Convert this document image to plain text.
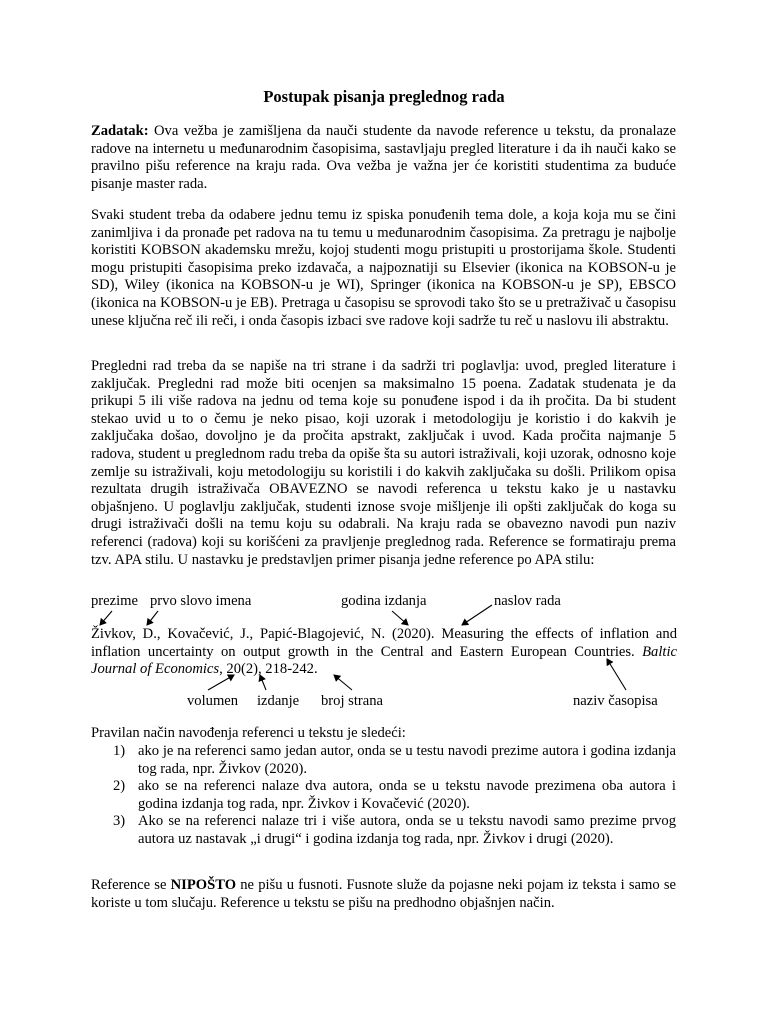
Postupak pisanja preglednog rada

Zadatak: Ova vežba je zamišljena da nauči studente da navode reference u tekstu, da pronalaze radove na internetu u međunarodnim časopisima, sastavljaju pregled literature i da ih nauči kako se pravilno pišu reference na kraju rada. Ova vežba je važna jer će koristiti studentima za buduće pisanje master rada.

Svaki student treba da odabere jednu temu iz spiska ponuđenih tema dole, a koja koja mu se čini zanimljiva i da pronađe pet radova na tu temu u međunarodnim časopisima. Za pretragu je najbolje koristiti KOBSON akademsku mrežu, kojoj studenti mogu pristupiti u prostorijama škole. Studenti mogu pristupiti časopisima preko izdavača, a najpoznatiji su Elsevier (ikonica na KOBSON-u je SD), Wiley (ikonica na KOBSON-u je WI), Springer (ikonica na KOBSON-u je SP), EBSCO (ikonica na KOBSON-u je EB). Pretraga u časopisu se sprovodi tako što se u pretraživač u časopisu unese ključna reč ili reči, i onda časopis izbaci sve radove koji sadrže tu reč u naslovu ili abstraktu.

Pregledni rad treba da se napiše na tri strane i da sadrži tri poglavlja: uvod, pregled literature i zaključak. Pregledni rad može biti ocenjen sa maksimalno 15 poena. Zadatak studenata je da prikupi 5 ili više radova na jednu od tema koje su ponuđene ispod i da ih pročita. Da bi student stekao uvid u to o čemu je neko pisao, koji uzorak i metodologiju je koristio i do kakvih je zaključaka došao, dovoljno je da pročita apstrakt, zaključak i uvod. Kada pročita najmanje 5 radova, student u preglednom radu treba da opiše šta su autori istraživali, koji uzorak, odnosno koje zemlje su istraživali, koju metodologiju su koristili i do kakvih zaključaka su došli. Prilikom opisa rezultata drugih istraživača OBAVEZNO se navodi referenca u tekstu kako je u nastavku objašnjeno. U poglavlju zaključak, studenti iznose svoje mišljenje ili opšti zaključak do koga su drugi istraživači došli na temu koju su odabrali. Na kraju rada se obavezno navodi pun naziv referenci (radova) koji su korišćeni za pravljenje preglednog rada. Reference se formatiraju prema tzv. APA stilu. U nastavku je predstavljen primer pisanja jedne reference po APA stilu:

prezime prvo slovo imena	godina izdanja	naslov rada
Živkov, D., Kovačević, J., Papić-Blagojević, N. (2020). Measuring the effects of inflation and inflation uncertainty on output growth in the Central and Eastern European Countries. Baltic Journal of Economics, 20(2), 218-242.
volumen izdanje broj strana	naziv časopisa

Pravilan način navođenja referenci u tekstu je sledeći:

1) ako je na referenci samo jedan autor, onda se u testu navodi prezime autora i godina izdanja tog rada, npr. Živkov (2020).
2) ako se na referenci nalaze dva autora, onda se u tekstu navode prezimena oba autora i godina izdanja tog rada, npr. Živkov i Kovačević (2020).
3) Ako se na referenci nalaze tri i više autora, onda se u tekstu navodi samo prezime prvog autora uz nastavak „i drugi“ i godina izdanja tog rada, npr. Živkov i drugi (2020).

Reference se NIPOŠTO ne pišu u fusnoti. Fusnote služe da pojasne neki pojam iz teksta i samo se koriste u tom slučaju. Reference u tekstu se pišu na predhodno objašnjen način.
